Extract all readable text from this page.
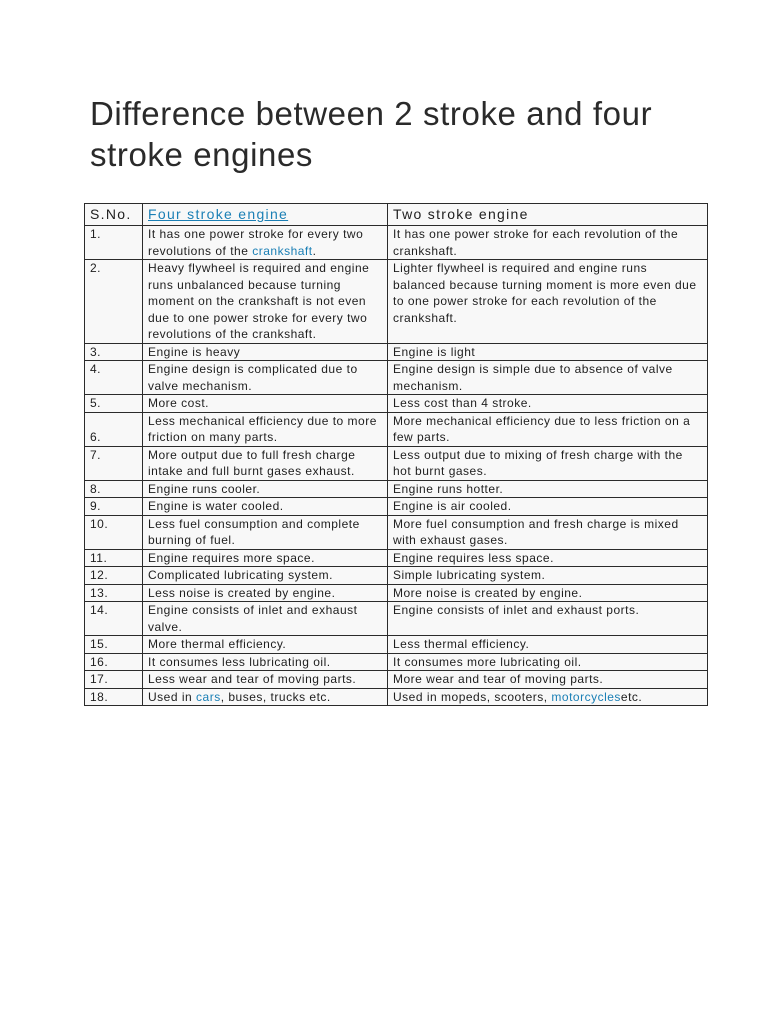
Difference between 2 stroke and four stroke engines
S.No.	Four stroke engine	Two stroke engine
1.	It has one power stroke for every two revolutions of the crankshaft.	It has one power stroke for each revolution of the crankshaft.
2.	Heavy flywheel is required and engine runs unbalanced because turning moment on the crankshaft is not even due to one power stroke for every two revolutions of the crankshaft.	Lighter flywheel is required and engine runs balanced because turning moment is more even due to one power stroke for each revolution of the crankshaft.
3.	Engine is heavy	Engine is light
4.	Engine design is complicated due to valve mechanism.	Engine design is simple due to absence of valve mechanism.
5.	More cost.	Less cost than 4 stroke.
6.	Less mechanical efficiency due to more friction on many parts.	More mechanical efficiency due to less friction on a few parts.
7.	More output due to full fresh charge intake and full burnt gases exhaust.	Less output due to mixing of fresh charge with the hot burnt gases.
8.	Engine runs cooler.	Engine runs hotter.
9.	Engine is water cooled.	Engine is air cooled.
10.	Less fuel consumption and complete burning of fuel.	More fuel consumption and fresh charge is mixed with exhaust gases.
11.	Engine requires more space.	Engine requires less space.
12.	Complicated lubricating system.	Simple lubricating system.
13.	Less noise is created by engine.	More noise is created by engine.
14.	Engine consists of inlet and exhaust valve.	Engine consists of inlet and exhaust ports.
15.	More thermal efficiency.	Less thermal efficiency.
16.	It consumes less lubricating oil.	It consumes more lubricating oil.
17.	Less wear and tear of moving parts.	More wear and tear of moving parts.
18.	Used in cars, buses, trucks etc.	Used in mopeds, scooters, motorcyclesetc.
